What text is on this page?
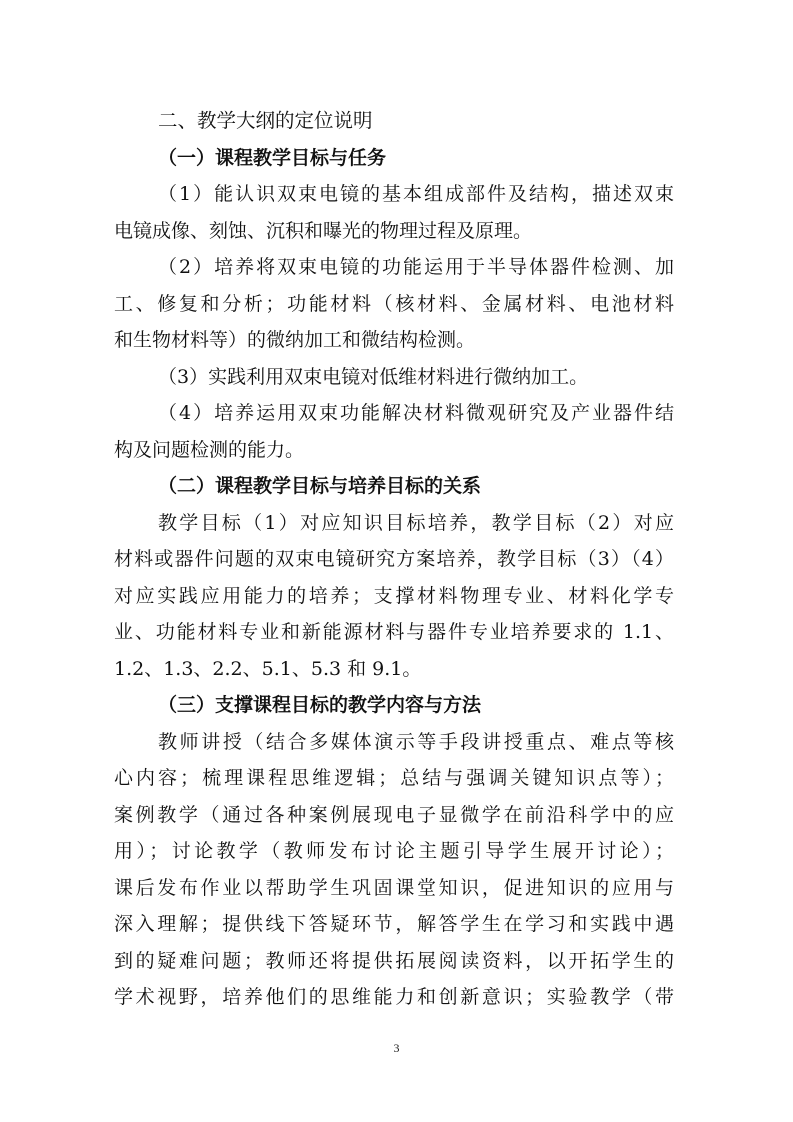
二、教学大纲的定位说明
（一）课程教学目标与任务
（1）能认识双束电镜的基本组成部件及结构，描述双束
电镜成像、刻蚀、沉积和曝光的物理过程及原理。
（2）培养将双束电镜的功能运用于半导体器件检测、加
工、修复和分析；功能材料（核材料、金属材料、电池材料
和生物材料等）的微纳加工和微结构检测。
（3）实践利用双束电镜对低维材料进行微纳加工。
（4）培养运用双束功能解决材料微观研究及产业器件结
构及问题检测的能力。
（二）课程教学目标与培养目标的关系
教学目标（1）对应知识目标培养，教学目标（2）对应
材料或器件问题的双束电镜研究方案培养，教学目标（3）（4）
对应实践应用能力的培养；支撑材料物理专业、材料化学专
业、功能材料专业和新能源材料与器件专业培养要求的 1.1、
1.2、1.3、2.2、5.1、5.3 和 9.1。
（三）支撑课程目标的教学内容与方法
教师讲授（结合多媒体演示等手段讲授重点、难点等核
心内容；梳理课程思维逻辑；总结与强调关键知识点等）；
案例教学（通过各种案例展现电子显微学在前沿科学中的应
用）；讨论教学（教师发布讨论主题引导学生展开讨论）；
课后发布作业以帮助学生巩固课堂知识，促进知识的应用与
深入理解；提供线下答疑环节，解答学生在学习和实践中遇
到的疑难问题；教师还将提供拓展阅读资料，以开拓学生的
学术视野，培养他们的思维能力和创新意识；实验教学（带
3
